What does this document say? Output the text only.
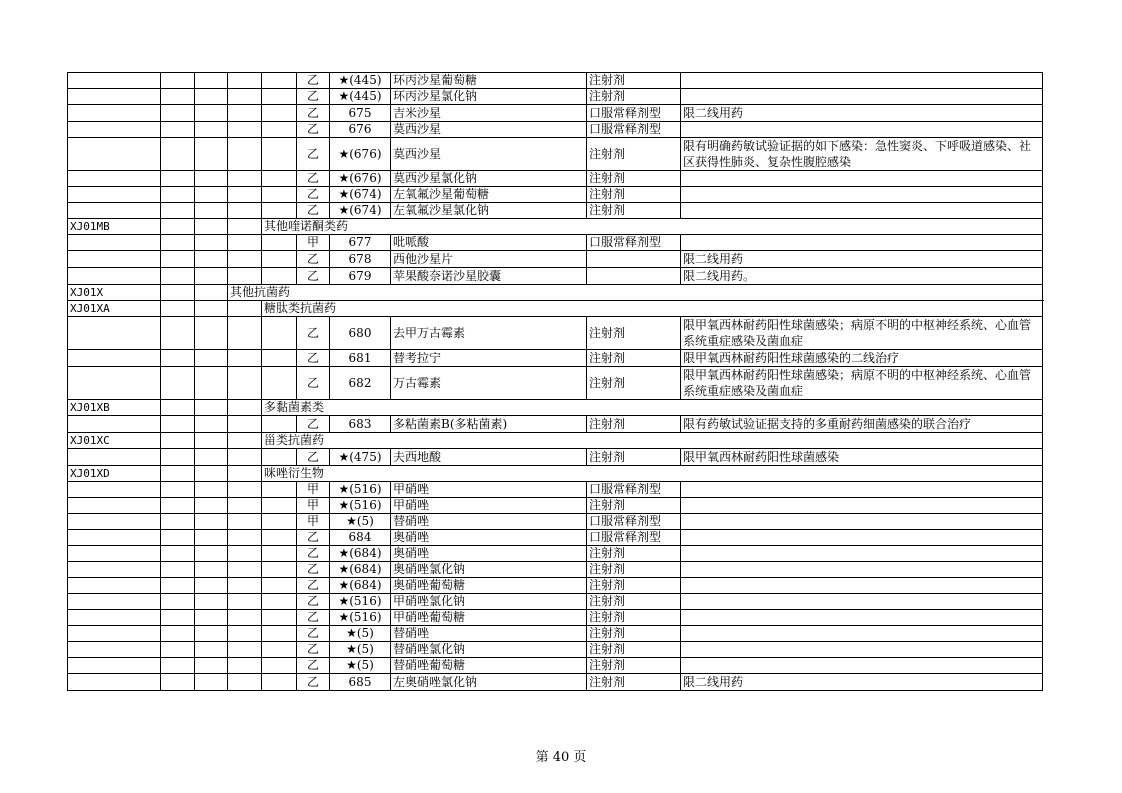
					乙	★(445)	环丙沙星葡萄糖	注射剂	
					乙	★(445)	环丙沙星氯化钠	注射剂	
					乙	675	吉米沙星	口服常释剂型	限二线用药
					乙	676	莫西沙星	口服常释剂型	
					乙	★(676)	莫西沙星	注射剂	限有明确药敏试验证据的如下感染：急性窦炎、下呼吸道感染、社区获得性肺炎、复杂性腹腔感染
					乙	★(676)	莫西沙星氯化钠	注射剂	
					乙	★(674)	左氧氟沙星葡萄糖	注射剂	
					乙	★(674)	左氧氟沙星氯化钠	注射剂	
XJ01MB				其他喹诺酮类药					
					甲	677	吡哌酸	口服常释剂型	
					乙	678	西他沙星片		限二线用药
					乙	679	苹果酸奈诺沙星胶囊		限二线用药。
XJ01X			其他抗菌药						
XJ01XA				糖肽类抗菌药					
					乙	680	去甲万古霉素	注射剂	限甲氧西林耐药阳性球菌感染；病原不明的中枢神经系统、心血管系统重症感染及菌血症
					乙	681	替考拉宁	注射剂	限甲氧西林耐药阳性球菌感染的二线治疗
					乙	682	万古霉素	注射剂	限甲氧西林耐药阳性球菌感染；病原不明的中枢神经系统、心血管系统重症感染及菌血症
XJ01XB				多黏菌素类					
					乙	683	多粘菌素B(多粘菌素)	注射剂	限有药敏试验证据支持的多重耐药细菌感染的联合治疗
XJ01XC				甾类抗菌药					
					乙	★(475)	夫西地酸	注射剂	限甲氧西林耐药阳性球菌感染
XJ01XD				咪唑衍生物					
					甲	★(516)	甲硝唑	口服常释剂型	
					甲	★(516)	甲硝唑	注射剂	
					甲	★(5)	替硝唑	口服常释剂型	
					乙	684	奥硝唑	口服常释剂型	
					乙	★(684)	奥硝唑	注射剂	
					乙	★(684)	奥硝唑氯化钠	注射剂	
					乙	★(684)	奥硝唑葡萄糖	注射剂	
					乙	★(516)	甲硝唑氯化钠	注射剂	
					乙	★(516)	甲硝唑葡萄糖	注射剂	
					乙	★(5)	替硝唑	注射剂	
					乙	★(5)	替硝唑氯化钠	注射剂	
					乙	★(5)	替硝唑葡萄糖	注射剂	
					乙	685	左奥硝唑氯化钠	注射剂	限二线用药
第 40 页
